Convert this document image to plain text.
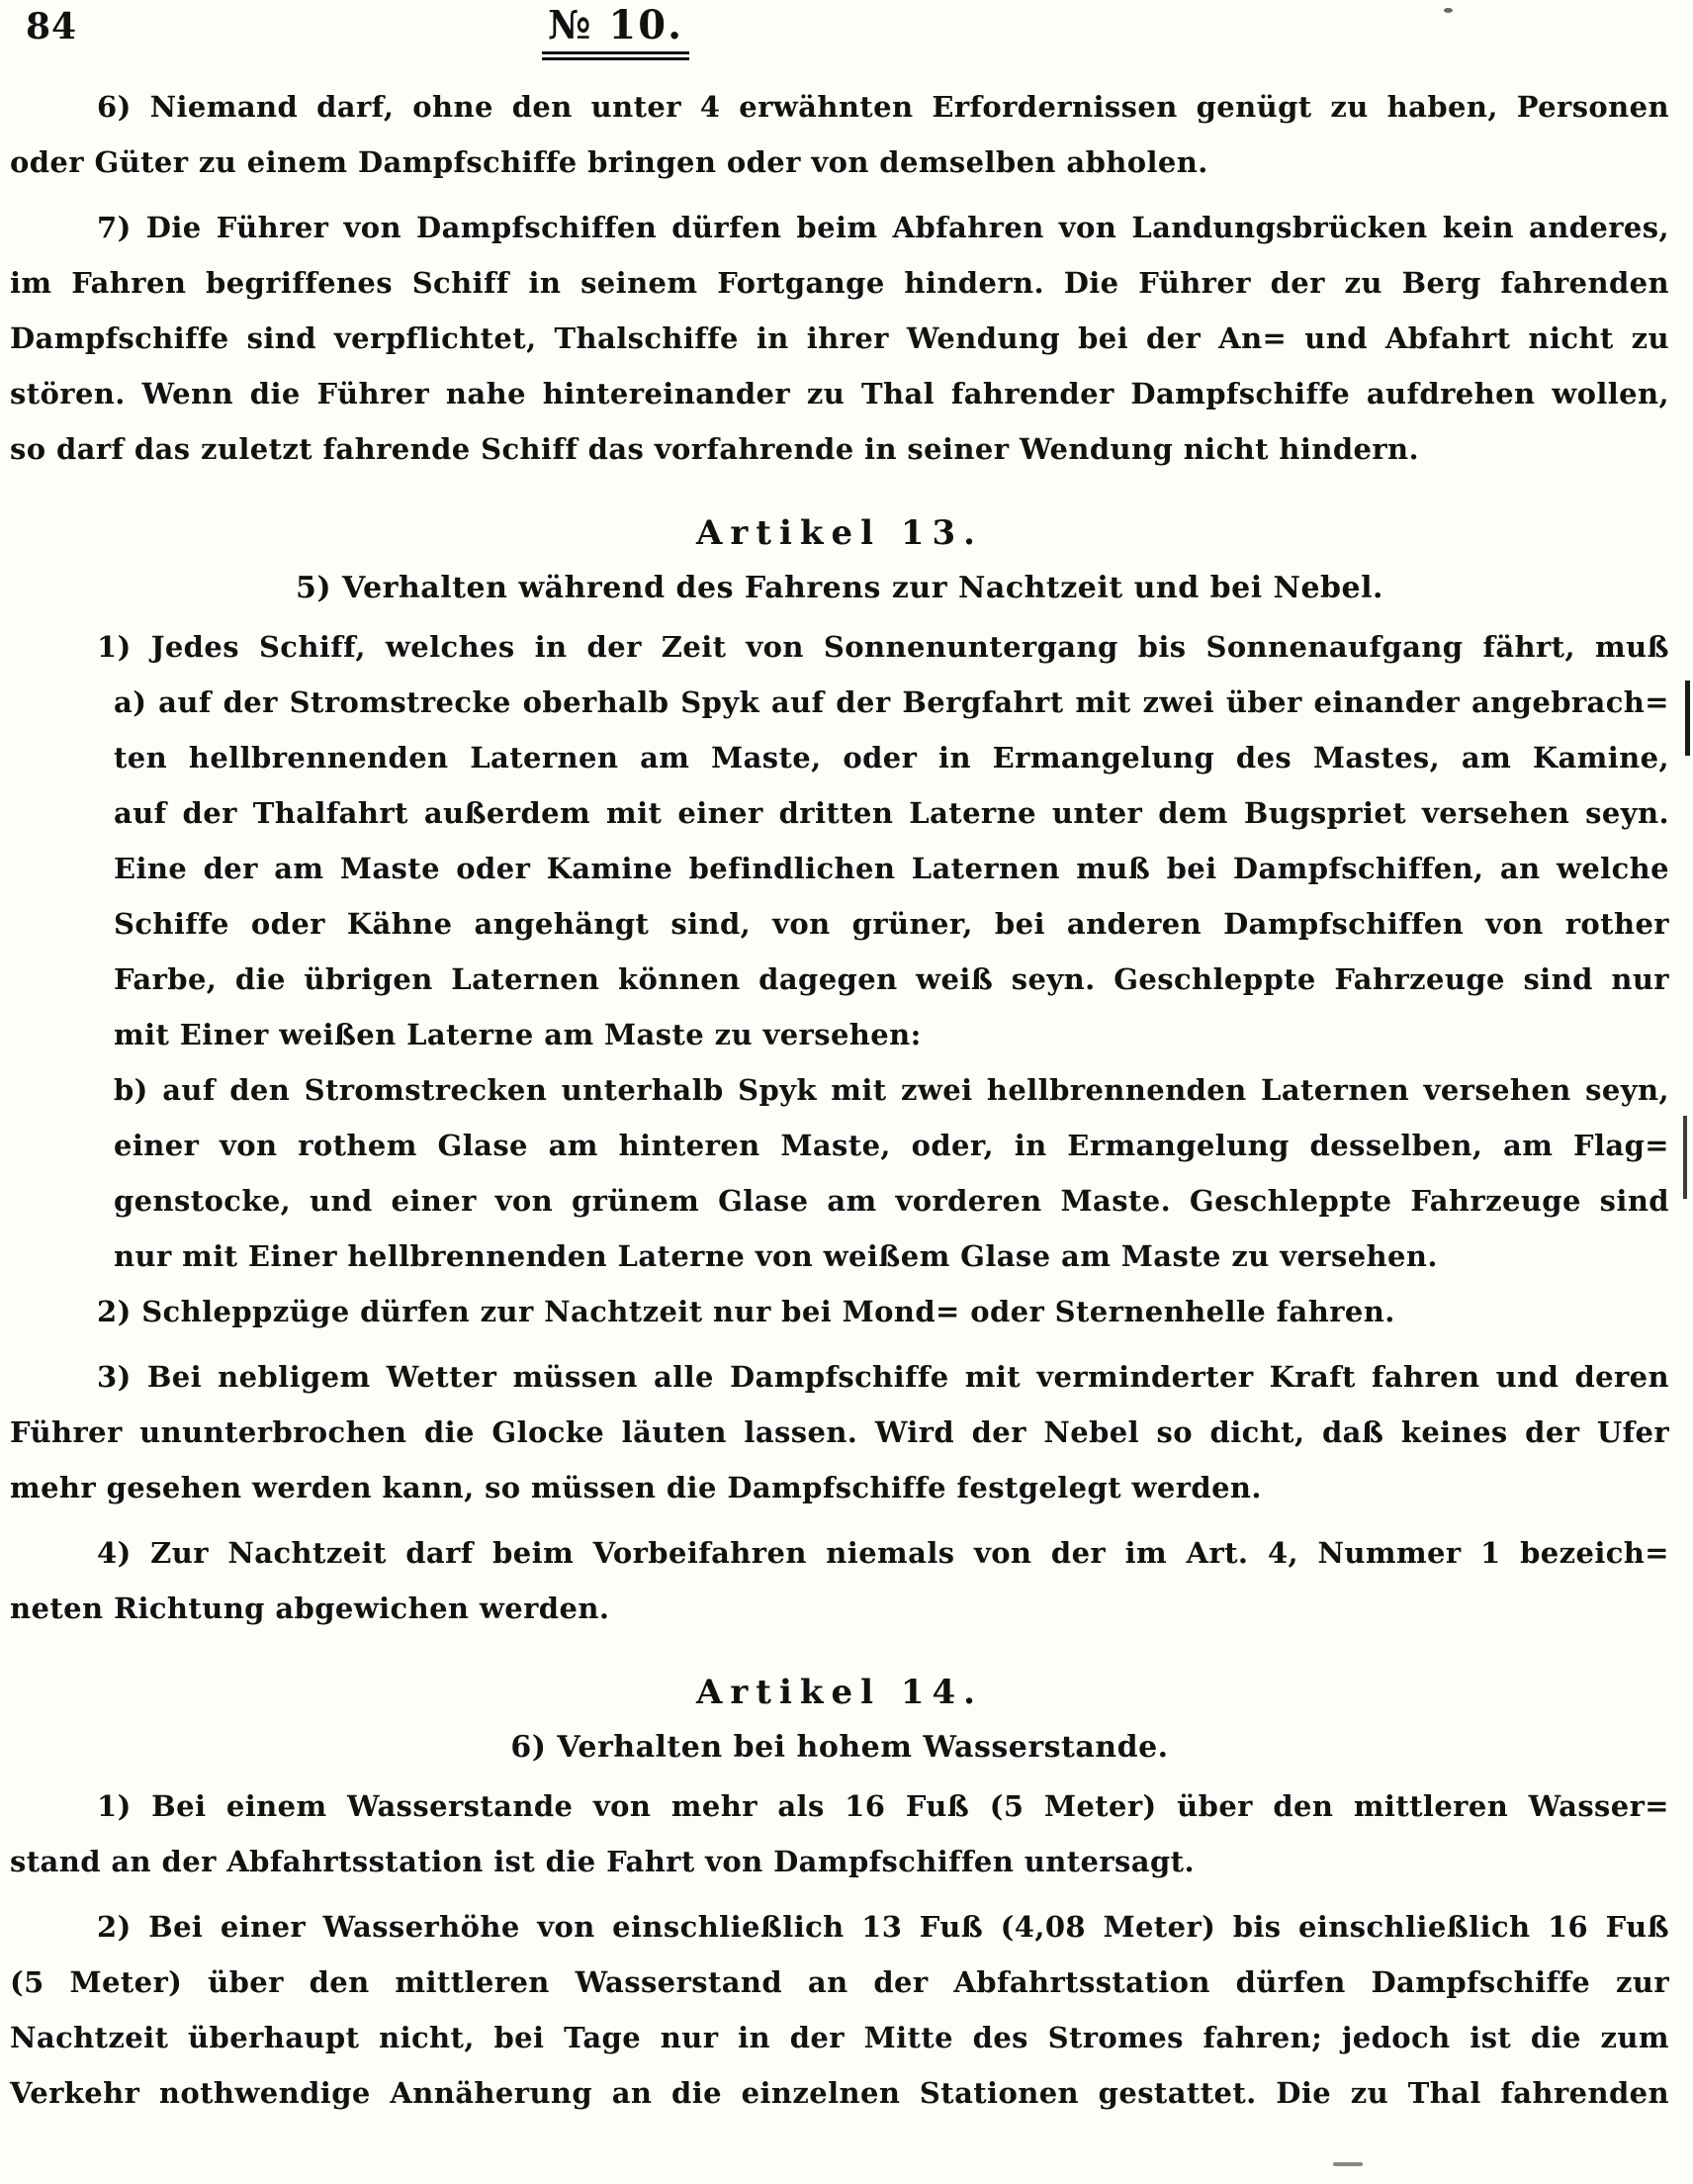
84	№ 10.
6) Niemand darf, ohne den unter 4 erwähnten Erfordernissen genügt zu haben, Personen
oder Güter zu einem Dampfschiffe bringen oder von demselben abholen.
7) Die Führer von Dampfschiffen dürfen beim Abfahren von Landungsbrücken kein anderes,
im Fahren begriffenes Schiff in seinem Fortgange hindern. Die Führer der zu Berg fahrenden
Dampfschiffe sind verpflichtet, Thalschiffe in ihrer Wendung bei der An= und Abfahrt nicht zu
stören. Wenn die Führer nahe hintereinander zu Thal fahrender Dampfschiffe aufdrehen wollen,
so darf das zuletzt fahrende Schiff das vorfahrende in seiner Wendung nicht hindern.
Artikel 13.
5) Verhalten während des Fahrens zur Nachtzeit und bei Nebel.
1) Jedes Schiff, welches in der Zeit von Sonnenuntergang bis Sonnenaufgang fährt, muß
a) auf der Stromstrecke oberhalb Spyk auf der Bergfahrt mit zwei über einander angebrach=
ten hellbrennenden Laternen am Maste, oder in Ermangelung des Mastes, am Kamine,
auf der Thalfahrt außerdem mit einer dritten Laterne unter dem Bugspriet versehen seyn.
Eine der am Maste oder Kamine befindlichen Laternen muß bei Dampfschiffen, an welche
Schiffe oder Kähne angehängt sind, von grüner, bei anderen Dampfschiffen von rother
Farbe, die übrigen Laternen können dagegen weiß seyn. Geschleppte Fahrzeuge sind nur
mit Einer weißen Laterne am Maste zu versehen:
b) auf den Stromstrecken unterhalb Spyk mit zwei hellbrennenden Laternen versehen seyn,
einer von rothem Glase am hinteren Maste, oder, in Ermangelung desselben, am Flag=
genstocke, und einer von grünem Glase am vorderen Maste. Geschleppte Fahrzeuge sind
nur mit Einer hellbrennenden Laterne von weißem Glase am Maste zu versehen.
2) Schleppzüge dürfen zur Nachtzeit nur bei Mond= oder Sternenhelle fahren.
3) Bei nebligem Wetter müssen alle Dampfschiffe mit verminderter Kraft fahren und deren
Führer ununterbrochen die Glocke läuten lassen. Wird der Nebel so dicht, daß keines der Ufer
mehr gesehen werden kann, so müssen die Dampfschiffe festgelegt werden.
4) Zur Nachtzeit darf beim Vorbeifahren niemals von der im Art. 4, Nummer 1 bezeich=
neten Richtung abgewichen werden.
Artikel 14.
6) Verhalten bei hohem Wasserstande.
1) Bei einem Wasserstande von mehr als 16 Fuß (5 Meter) über den mittleren Wasser=
stand an der Abfahrtsstation ist die Fahrt von Dampfschiffen untersagt.
2) Bei einer Wasserhöhe von einschließlich 13 Fuß (4,08 Meter) bis einschließlich 16 Fuß
(5 Meter) über den mittleren Wasserstand an der Abfahrtsstation dürfen Dampfschiffe zur
Nachtzeit überhaupt nicht, bei Tage nur in der Mitte des Stromes fahren; jedoch ist die zum
Verkehr nothwendige Annäherung an die einzelnen Stationen gestattet. Die zu Thal fahrenden
